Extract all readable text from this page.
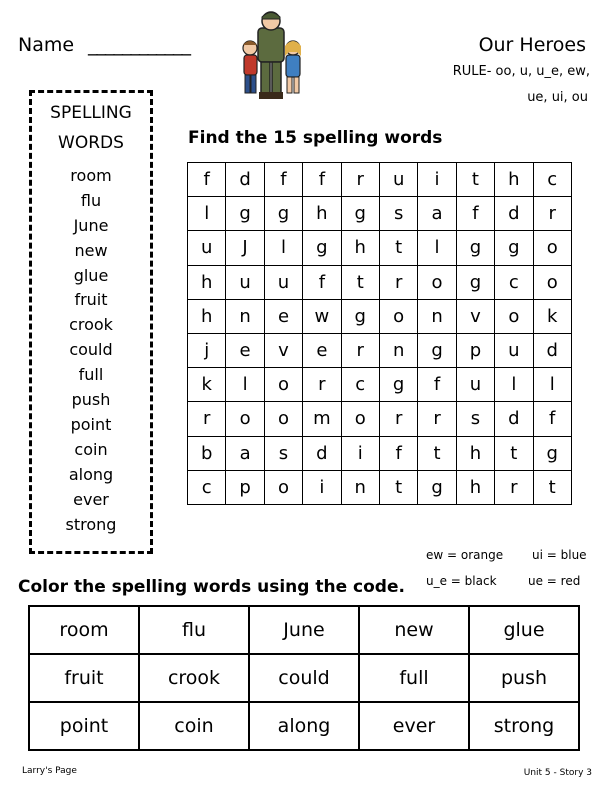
Name ____________	Our Heroes
RULE- oo, u, u_e, ew,
ue, ui, ou
SPELLING
WORDS
room
flu
June
new
glue
fruit
crook
could
full
push
point
coin
along
ever
strong
Find the 15 spelling words
f	d	f	f	r	u	i	t	h	c
l	g	g	h	g	s	a	f	d	r
u	J	l	g	h	t	l	g	g	o
h	u	u	f	t	r	o	g	c	o
h	n	e	w	g	o	n	v	o	k
j	e	v	e	r	n	g	p	u	d
k	l	o	r	c	g	f	u	l	l
r	o	o	m	o	r	r	s	d	f
b	a	s	d	i	f	t	h	t	g
c	p	o	i	n	t	g	h	r	t
ew = orange ui = blue
u_e = black	ue = red
Color the spelling words using the code.
room	flu	June	new	glue
fruit	crook	could	full	push
point	coin	along	ever	strong
Larry's Page	Unit 5 - Story 3
